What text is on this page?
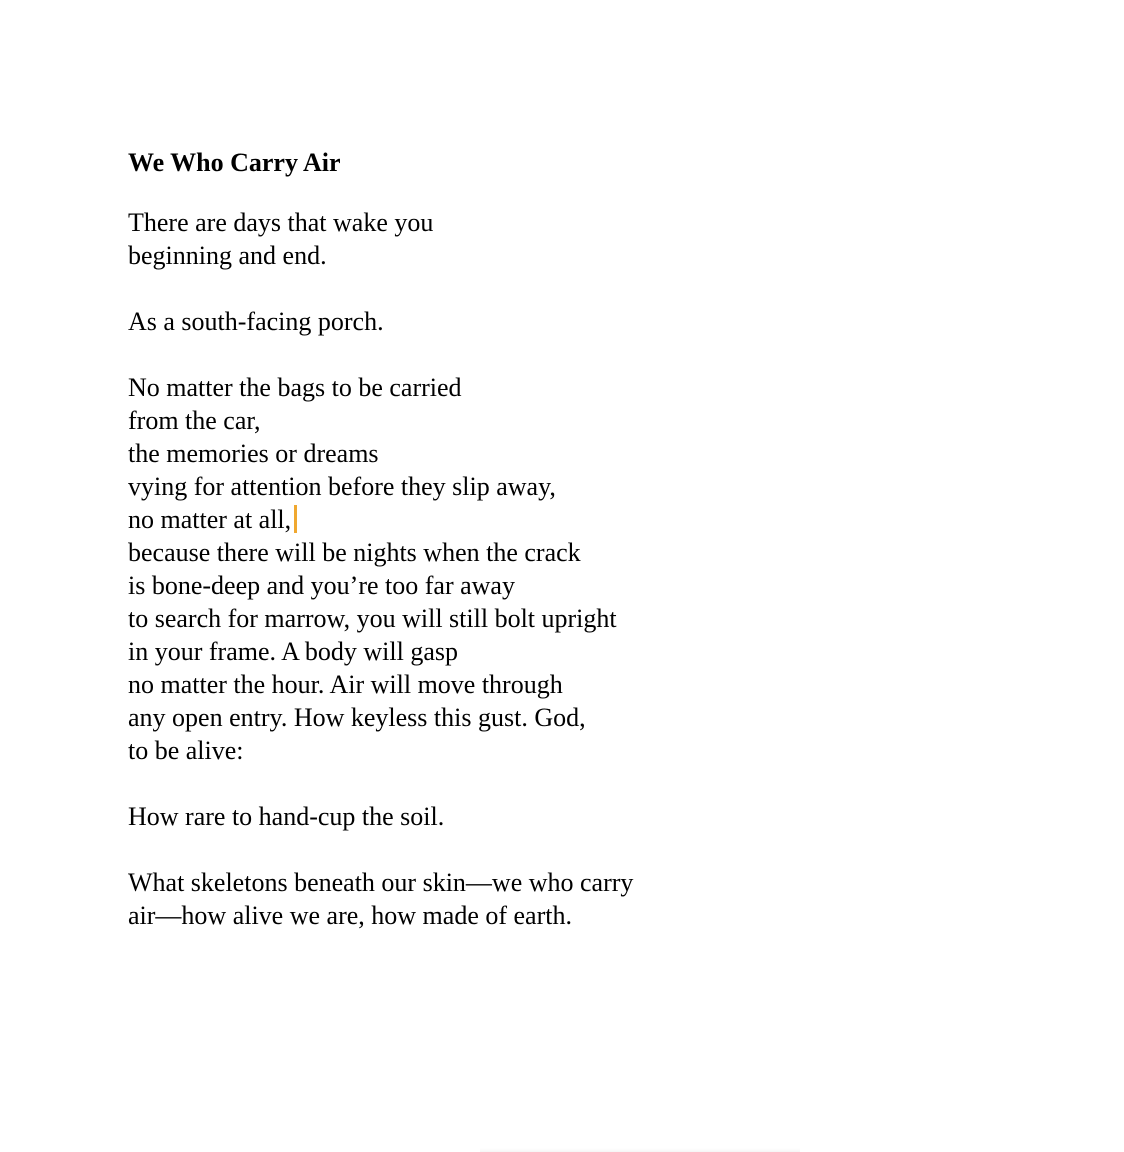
We Who Carry Air
There are days that wake you
beginning and end.
As a south-facing porch.
No matter the bags to be carried
from the car,
the memories or dreams
vying for attention before they slip away,
no matter at all,
because there will be nights when the crack
is bone-deep and you’re too far away
to search for marrow, you will still bolt upright
in your frame. A body will gasp
no matter the hour. Air will move through
any open entry. How keyless this gust. God,
to be alive:
How rare to hand-cup the soil.
What skeletons beneath our skin—we who carry
air—how alive we are, how made of earth.
